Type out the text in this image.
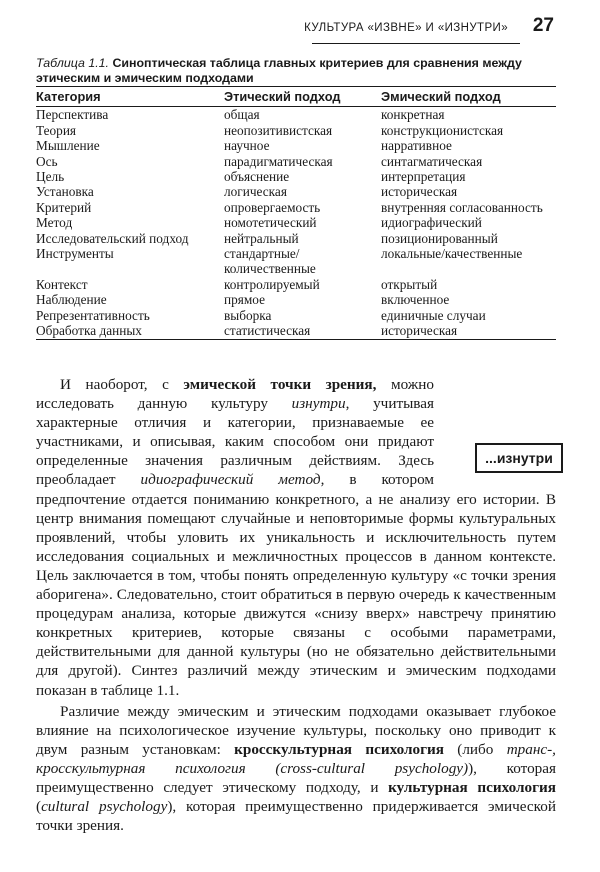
КУЛЬТУРА «ИЗВНЕ» И «ИЗНУТРИ» 27
Таблица 1.1. Синоптическая таблица главных критериев для сравнения между этическим и эмическим подходами
Категория	Этический подход	Эмический подход
Перспектива	общая	конкретная
Теория	неопозитивистская	конструкционистская
Мышление	научное	нарративное
Ось	парадигматическая	синтагматическая
Цель	объяснение	интерпретация
Установка	логическая	историческая
Критерий	опровергаемость	внутренняя согласованность
Метод	номотетический	идиографический
Исследовательский подход	нейтральный	позиционированный
Инструменты	стандартные/ количественные	локальные/качественные
Контекст	контролируемый	открытый
Наблюдение	прямое	включенное
Репрезентативность	выборка	единичные случаи
Обработка данных	статистическая	историческая

И наоборот, с эмической точки зрения, можно исследовать данную культуру изнутри, учитывая характерные отличия и категории, признаваемые ее участниками, и описывая, каким способом они придают определенные значения различным действиям. Здесь преобладает идиографический метод, в котором предпочтение отдается пониманию конкретного, а не анализу его истории. В центр внимания помещают случайные и неповторимые формы культуральных проявлений, чтобы уловить их уникальность и исключительность путем исследования социальных и межличностных процессов в данном контексте. Цель заключается в том, чтобы понять определенную культуру «с точки зрения аборигена». Следовательно, стоит обратиться в первую очередь к качественным процедурам анализа, которые движутся «снизу вверх» навстречу принятию конкретных критериев, которые связаны с особыми параметрами, действительными для данной культуры (но не обязательно действительными для другой). Синтез различий между этическим и эмическим подходами показан в таблице 1.1.

Различие между эмическим и этическим подходами оказывает глубокое влияние на психологическое изучение культуры, поскольку оно приводит к двум разным установкам: кросскультурная психология (либо транс-, кросскультурная психология (cross-cultural psychology)), которая преимущественно следует этическому подходу, и культурная психология (cultural psychology), которая преимущественно придерживается эмической точки зрения.

...изнутри
